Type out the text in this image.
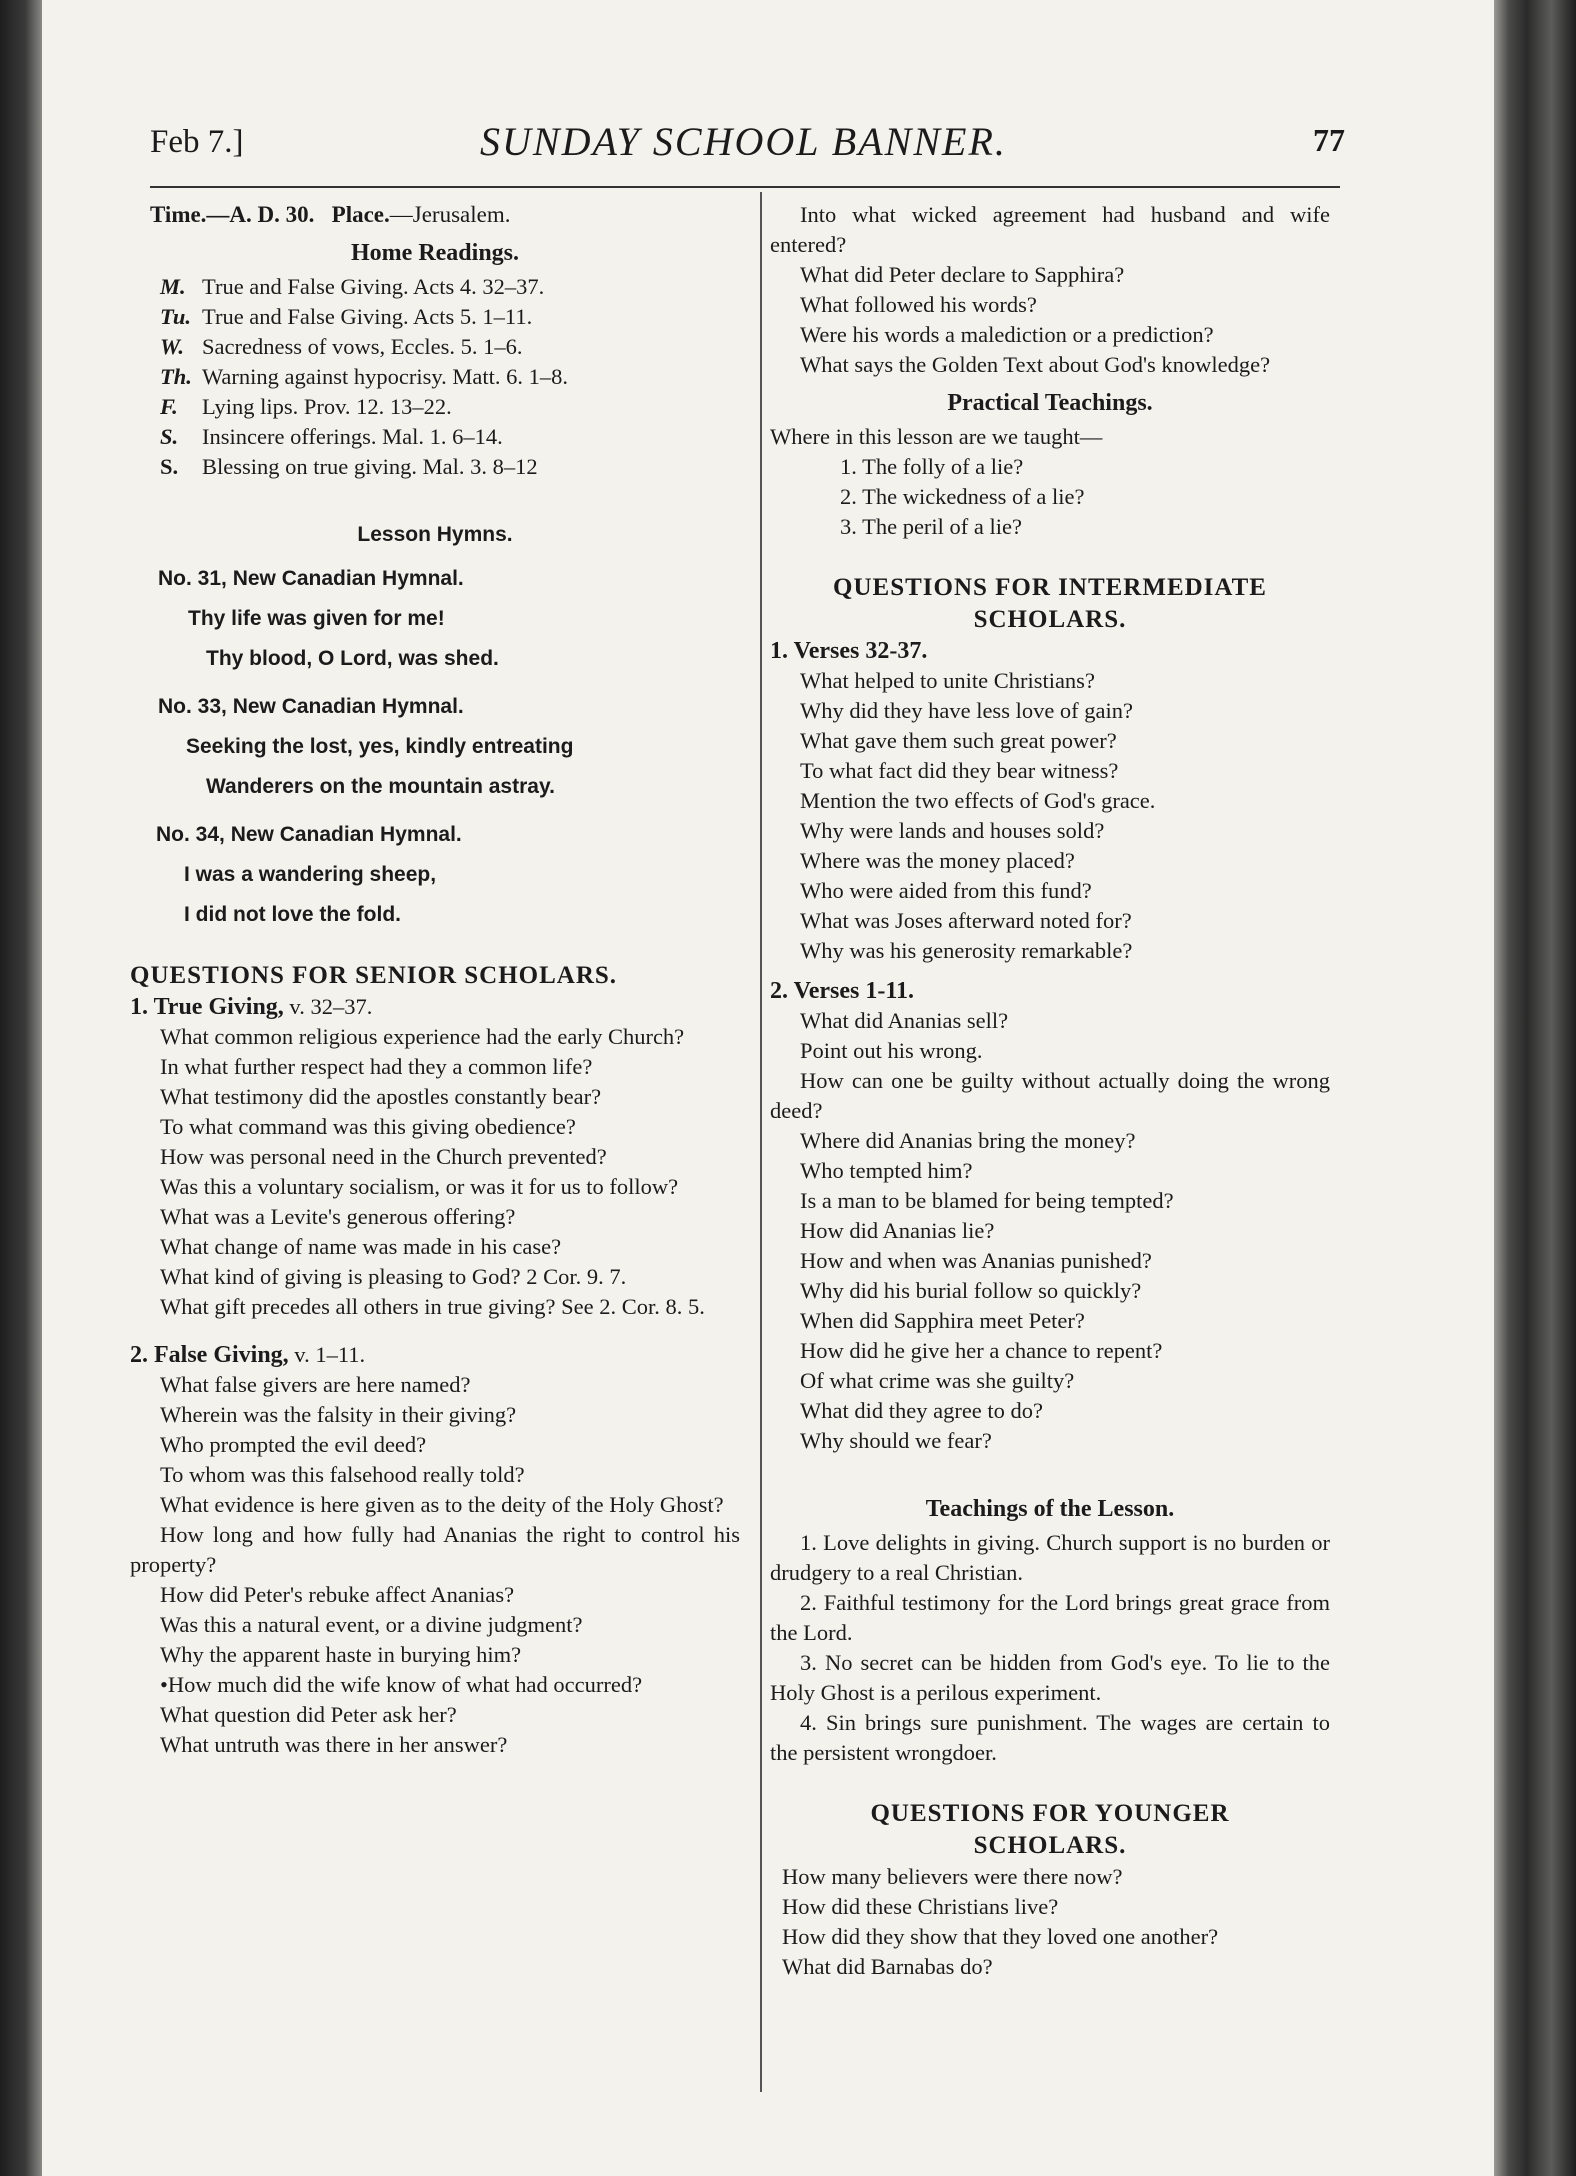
Feb 7.]	SUNDAY SCHOOL BANNER.	77
Time.—A. D. 30. Place.—Jerusalem.
Home Readings.
M. True and False Giving. Acts 4. 32–37.
Tu. True and False Giving. Acts 5. 1–11.
W. Sacredness of vows, Eccles. 5. 1–6.
Th. Warning against hypocrisy. Matt. 6. 1–8.
F. Lying lips. Prov. 12. 13–22.
S. Insincere offerings. Mal. 1. 6–14.
S. Blessing on true giving. Mal. 3. 8–12
Lesson Hymns.
No. 31, New Canadian Hymnal.
Thy life was given for me!
Thy blood, O Lord, was shed.
No. 33, New Canadian Hymnal.
Seeking the lost, yes, kindly entreating
Wanderers on the mountain astray.
No. 34, New Canadian Hymnal.
I was a wandering sheep,
I did not love the fold.
QUESTIONS FOR SENIOR SCHOLARS.
1. True Giving, v. 32–37.
What common religious experience had the early Church?
In what further respect had they a common life?
What testimony did the apostles constantly bear?
To what command was this giving obedience?
How was personal need in the Church prevented?
Was this a voluntary socialism, or was it for us to follow?
What was a Levite's generous offering?
What change of name was made in his case?
What kind of giving is pleasing to God? 2 Cor. 9. 7.
What gift precedes all others in true giving? See 2. Cor. 8. 5.
2. False Giving, v. 1–11.
What false givers are here named?
Wherein was the falsity in their giving?
Who prompted the evil deed?
To whom was this falsehood really told?
What evidence is here given as to the deity of the Holy Ghost?
How long and how fully had Ananias the right to control his property?
How did Peter's rebuke affect Ananias?
Was this a natural event, or a divine judgment?
Why the apparent haste in burying him?
•How much did the wife know of what had occurred?
What question did Peter ask her?
What untruth was there in her answer?
Into what wicked agreement had husband and wife entered?
What did Peter declare to Sapphira?
What followed his words?
Were his words a malediction or a prediction?
What says the Golden Text about God's knowledge?
Practical Teachings.
Where in this lesson are we taught—
1. The folly of a lie?
2. The wickedness of a lie?
3. The peril of a lie?
QUESTIONS FOR INTERMEDIATE
SCHOLARS.
1. Verses 32-37.
What helped to unite Christians?
Why did they have less love of gain?
What gave them such great power?
To what fact did they bear witness?
Mention the two effects of God's grace.
Why were lands and houses sold?
Where was the money placed?
Who were aided from this fund?
What was Joses afterward noted for?
Why was his generosity remarkable?
2. Verses 1-11.
What did Ananias sell?
Point out his wrong.
How can one be guilty without actually doing the wrong deed?
Where did Ananias bring the money?
Who tempted him?
Is a man to be blamed for being tempted?
How did Ananias lie?
How and when was Ananias punished?
Why did his burial follow so quickly?
When did Sapphira meet Peter?
How did he give her a chance to repent?
Of what crime was she guilty?
What did they agree to do?
Why should we fear?
Teachings of the Lesson.
1. Love delights in giving. Church support is no burden or drudgery to a real Christian.
2. Faithful testimony for the Lord brings great grace from the Lord.
3. No secret can be hidden from God's eye. To lie to the Holy Ghost is a perilous experiment.
4. Sin brings sure punishment. The wages are certain to the persistent wrongdoer.
QUESTIONS FOR YOUNGER
SCHOLARS.
How many believers were there now?
How did these Christians live?
How did they show that they loved one another?
What did Barnabas do?
